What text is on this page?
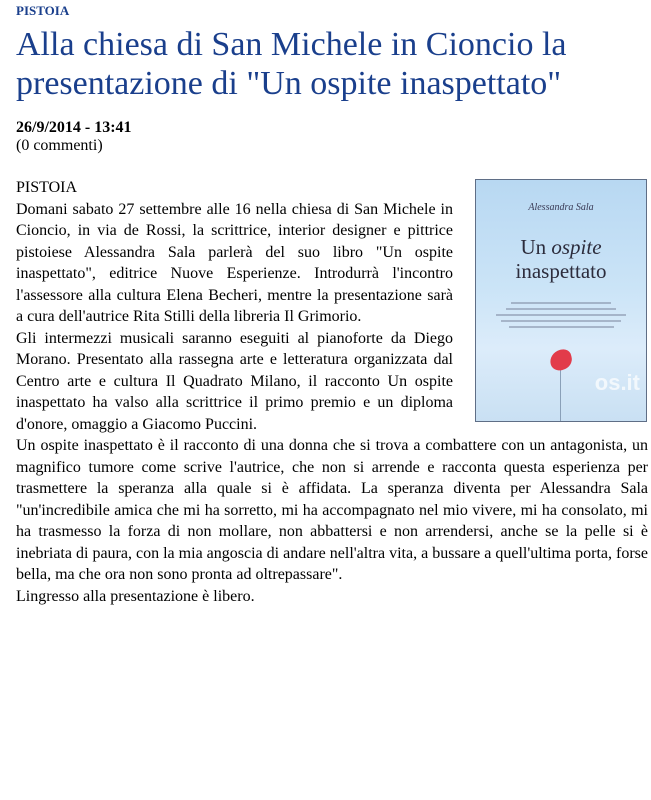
PISTOIA
Alla chiesa di San Michele in Cioncio la presentazione di "Un ospite inaspettato"
26/9/2014 - 13:41
(0 commenti)
Alessandra Sala
Un ospite
inaspettato
os.it

PISTOIA

Domani sabato 27 settembre alle 16 nella chiesa di San Michele in Cioncio, in via de Rossi, la scrittrice, interior designer e pittrice pistoiese Alessandra Sala parlerà del suo libro "Un ospite inaspettato", editrice Nuove Esperienze. Introdurrà l'incontro l'assessore alla cultura Elena Becheri, mentre la presentazione sarà a cura dell'autrice Rita Stilli della libreria Il Grimorio.

Gli intermezzi musicali saranno eseguiti al pianoforte da Diego Morano. Presentato alla rassegna arte e letteratura organizzata dal Centro arte e cultura Il Quadrato Milano, il racconto Un ospite inaspettato ha valso alla scrittrice il primo premio e un diploma d'onore, omaggio a Giacomo Puccini.

Un ospite inaspettato è il racconto di una donna che si trova a combattere con un antagonista, un magnifico tumore come scrive l'autrice, che non si arrende e racconta questa esperienza per trasmettere la speranza alla quale si è affidata. La speranza diventa per Alessandra Sala "un'incredibile amica che mi ha sorretto, mi ha accompagnato nel mio vivere, mi ha consolato, mi ha trasmesso la forza di non mollare, non abbattersi e non arrendersi, anche se la pelle si è inebriata di paura, con la mia angoscia di andare nell'altra vita, a bussare a quell'ultima porta, forse bella, ma che ora non sono pronta ad oltrepassare".

Lingresso alla presentazione è libero.
